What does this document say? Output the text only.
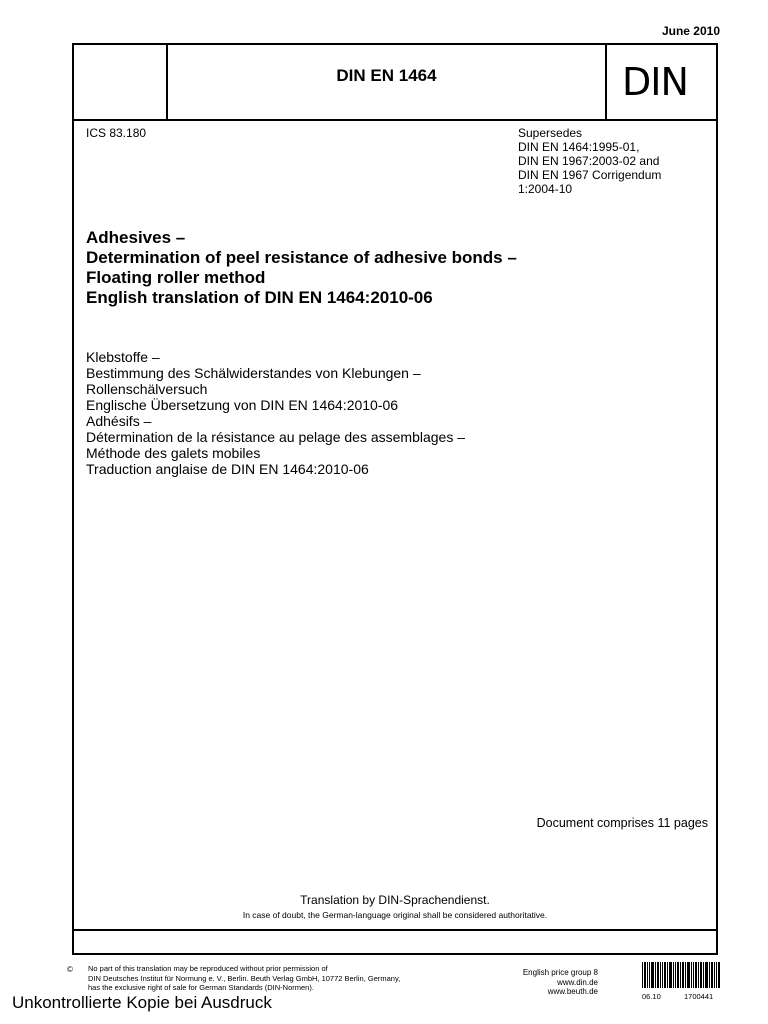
June 2010
DIN EN 1464	DIN
ICS 83.180	Supersedes
DIN EN 1464:1995-01,
DIN EN 1967:2003-02 and
DIN EN 1967 Corrigendum
1:2004-10
Adhesives –
Determination of peel resistance of adhesive bonds –
Floating roller method
English translation of DIN EN 1464:2010-06
Klebstoffe –
Bestimmung des Schälwiderstandes von Klebungen –
Rollenschälversuch
Englische Übersetzung von DIN EN 1464:2010-06
Adhésifs –
Détermination de la résistance au pelage des assemblages –
Méthode des galets mobiles
Traduction anglaise de DIN EN 1464:2010-06
Document comprises 11 pages
Translation by DIN-Sprachendienst.
In case of doubt, the German-language original shall be considered authoritative.
© No part of this translation may be reproduced without prior permission of
DIN Deutsches Institut für Normung e. V., Berlin. Beuth Verlag GmbH, 10772 Berlin, Germany,
has the exclusive right of sale for German Standards (DIN-Normen).
English price group 8
www.din.de
www.beuth.de
06.10	1700441
Unkontrollierte Kopie bei Ausdruck
